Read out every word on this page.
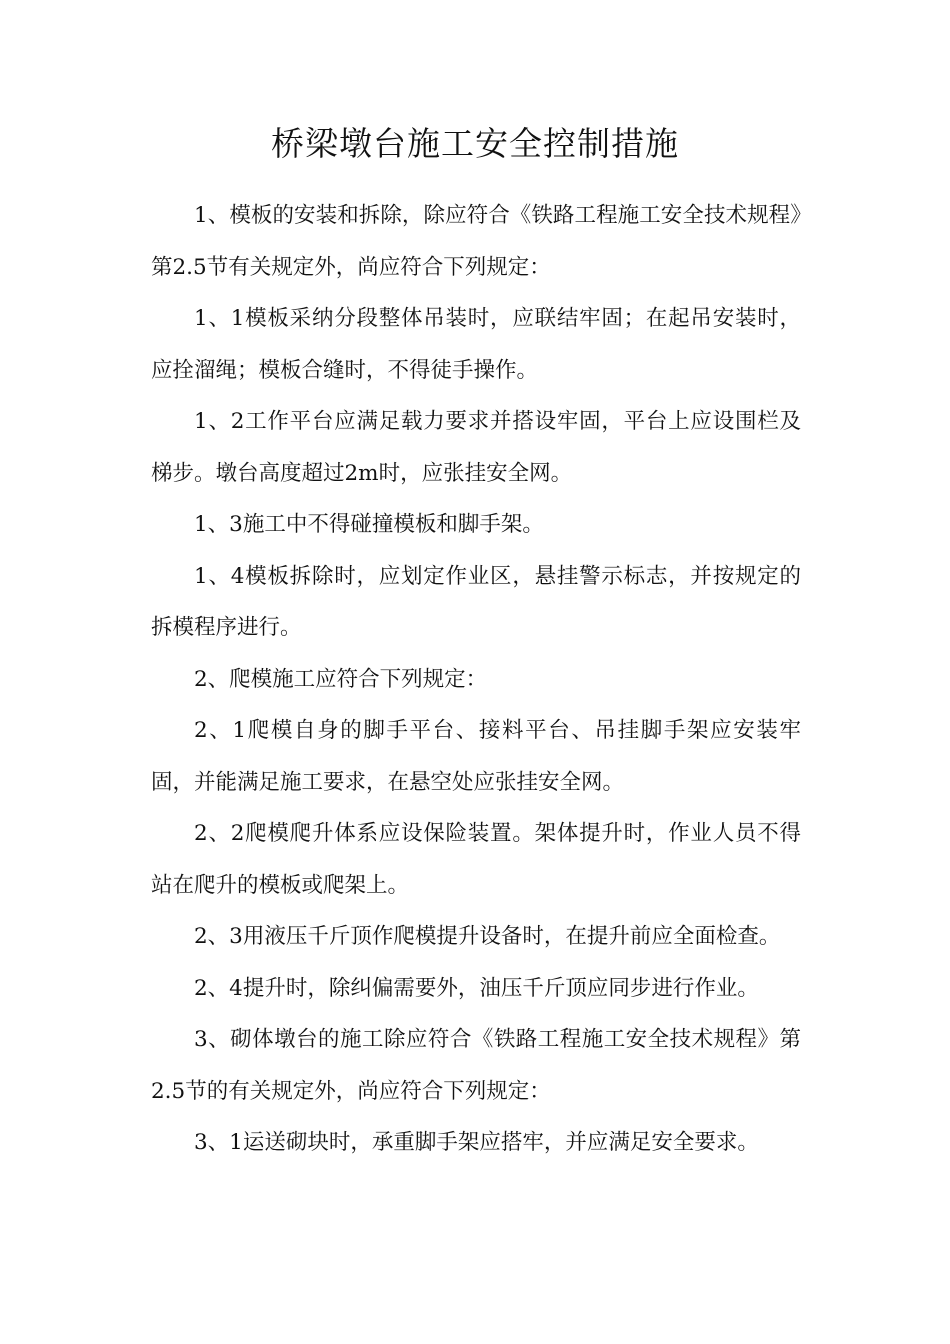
桥梁墩台施工安全控制措施

1、模板的安装和拆除，除应符合《铁路工程施工安全技术规程》第2.5节有关规定外，尚应符合下列规定：

1、1模板采纳分段整体吊装时，应联结牢固；在起吊安装时，应拴溜绳；模板合缝时，不得徒手操作。

1、2工作平台应满足载力要求并搭设牢固，平台上应设围栏及梯步。墩台高度超过2m时，应张挂安全网。

1、3施工中不得碰撞模板和脚手架。

1、4模板拆除时，应划定作业区，悬挂警示标志，并按规定的拆模程序进行。

2、爬模施工应符合下列规定：

2、1爬模自身的脚手平台、接料平台、吊挂脚手架应安装牢固，并能满足施工要求，在悬空处应张挂安全网。

2、2爬模爬升体系应设保险装置。架体提升时，作业人员不得站在爬升的模板或爬架上。

2、3用液压千斤顶作爬模提升设备时，在提升前应全面检查。

2、4提升时，除纠偏需要外，油压千斤顶应同步进行作业。

3、砌体墩台的施工除应符合《铁路工程施工安全技术规程》第2.5节的有关规定外，尚应符合下列规定：

3、1运送砌块时，承重脚手架应搭牢，并应满足安全要求。
